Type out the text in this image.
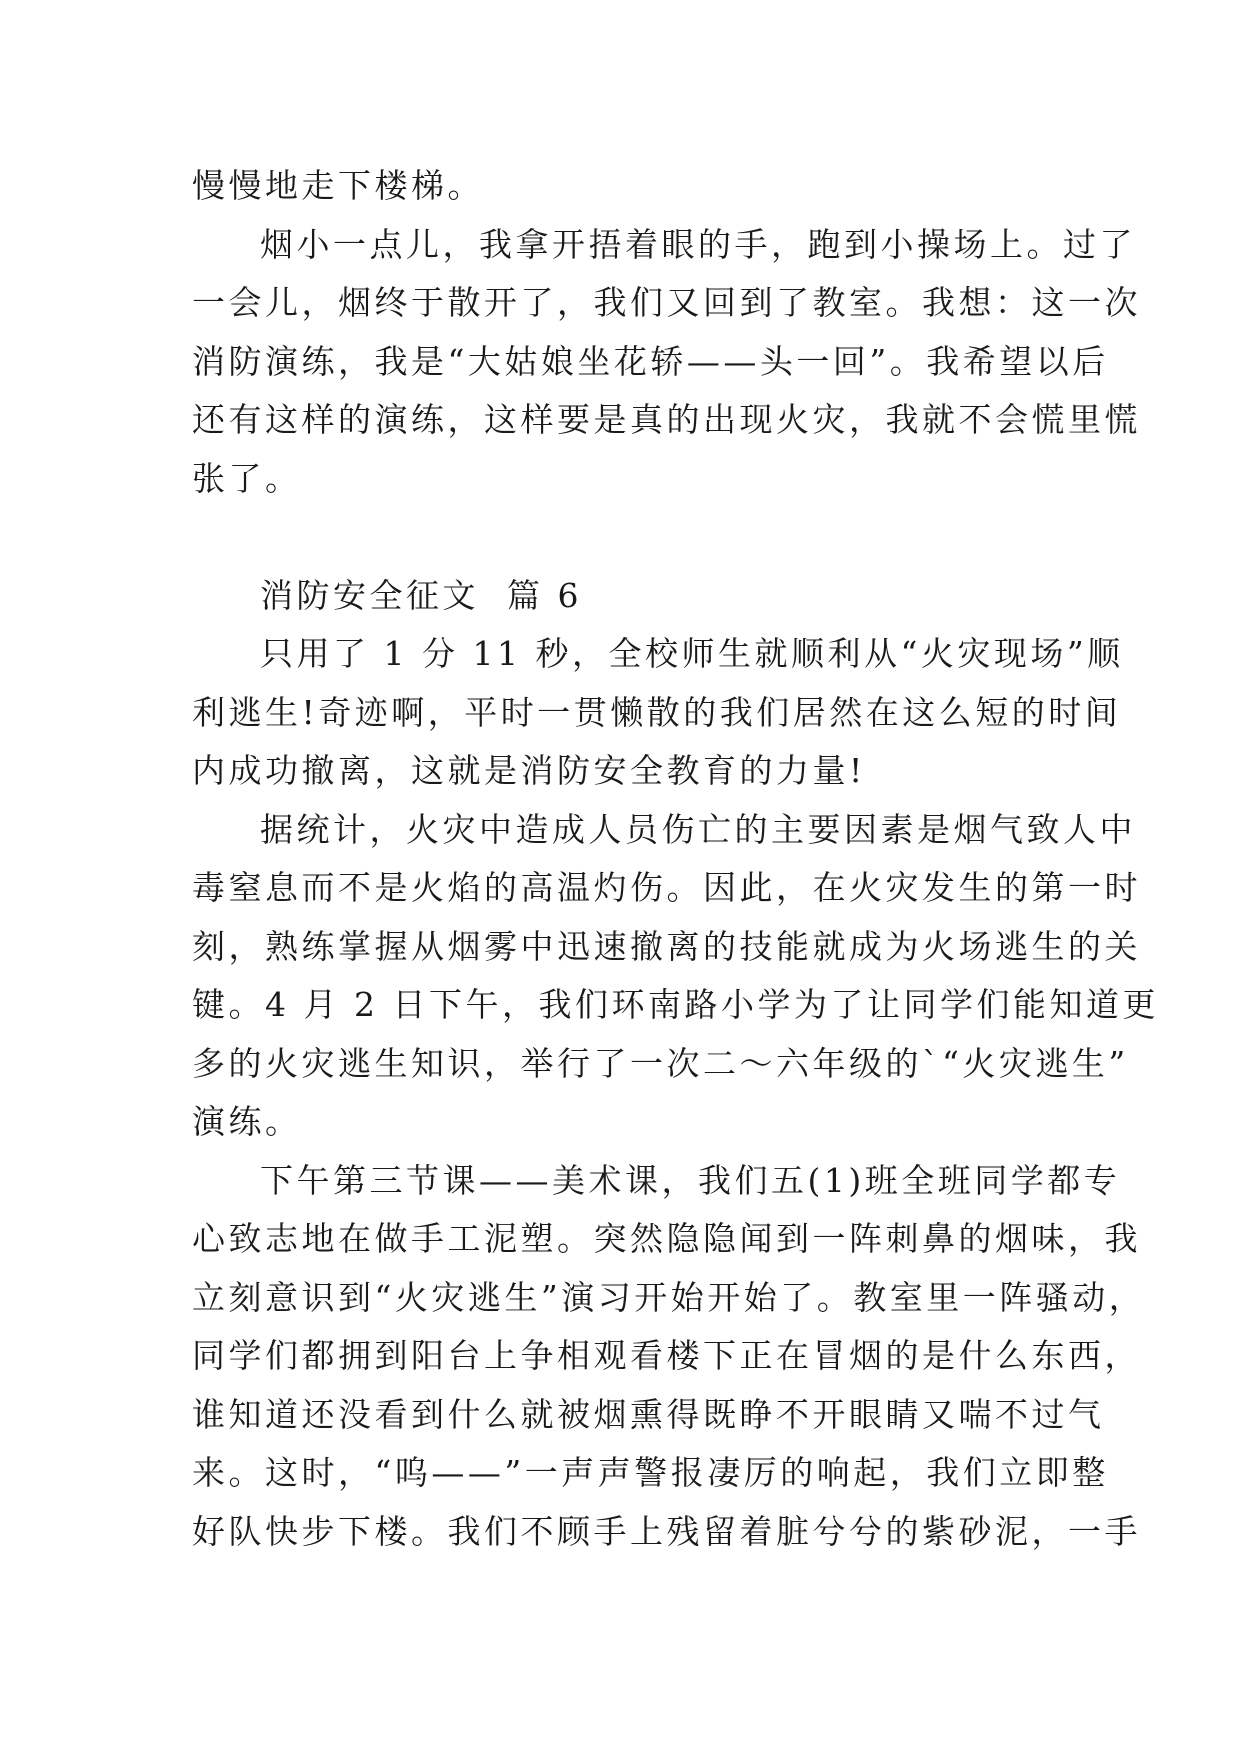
慢慢地走下楼梯。
烟小一点儿，我拿开捂着眼的手，跑到小操场上。过了
一会儿，烟终于散开了，我们又回到了教室。我想：这一次
消防演练，我是“大姑娘坐花轿——头一回”。我希望以后
还有这样的演练，这样要是真的出现火灾，我就不会慌里慌
张了。
消防安全征文  篇 6
只用了 1 分 11 秒，全校师生就顺利从“火灾现场”顺
利逃生!奇迹啊，平时一贯懒散的我们居然在这么短的时间
内成功撤离，这就是消防安全教育的力量!
据统计，火灾中造成人员伤亡的主要因素是烟气致人中
毒窒息而不是火焰的高温灼伤。因此，在火灾发生的第一时
刻，熟练掌握从烟雾中迅速撤离的技能就成为火场逃生的关
键。4 月 2 日下午，我们环南路小学为了让同学们能知道更
多的火灾逃生知识，举行了一次二～六年级的`“火灾逃生”
演练。
下午第三节课——美术课，我们五(1)班全班同学都专
心致志地在做手工泥塑。突然隐隐闻到一阵刺鼻的烟味，我
立刻意识到“火灾逃生”演习开始开始了。教室里一阵骚动，
同学们都拥到阳台上争相观看楼下正在冒烟的是什么东西，
谁知道还没看到什么就被烟熏得既睁不开眼睛又喘不过气
来。这时，“呜——”一声声警报凄厉的响起，我们立即整
好队快步下楼。我们不顾手上残留着脏兮兮的紫砂泥，一手
